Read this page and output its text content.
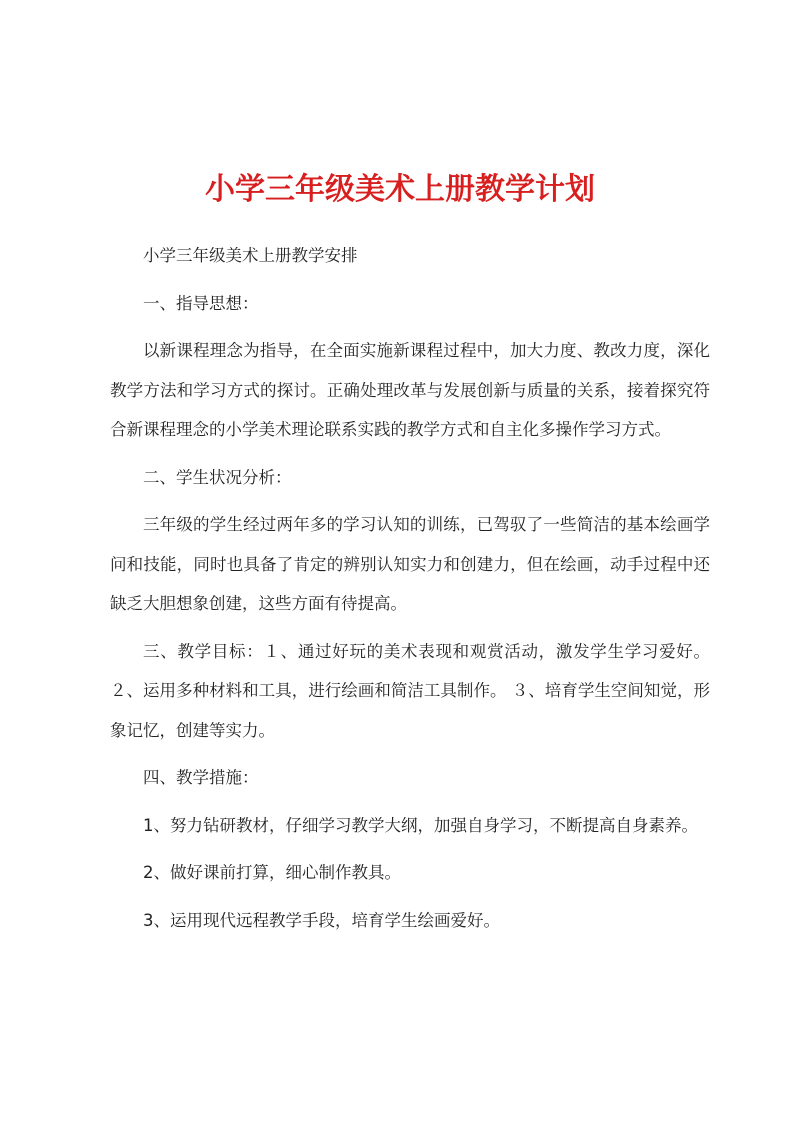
小学三年级美术上册教学计划

小学三年级美术上册教学安排

一、指导思想：

以新课程理念为指导，在全面实施新课程过程中，加大力度、教改力度，深化教学方法和学习方式的探讨。正确处理改革与发展创新与质量的关系，接着探究符合新课程理念的小学美术理论联系实践的教学方式和自主化多操作学习方式。

二、学生状况分析：

三年级的学生经过两年多的学习认知的训练，已驾驭了一些简洁的基本绘画学问和技能，同时也具备了肯定的辨别认知实力和创建力，但在绘画，动手过程中还缺乏大胆想象创建，这些方面有待提高。

三、教学目标：１、通过好玩的美术表现和观赏活动，激发学生学习爱好。 ２、运用多种材料和工具，进行绘画和简洁工具制作。 ３、培育学生空间知觉，形象记忆，创建等实力。

四、教学措施：

1、努力钻研教材，仔细学习教学大纲，加强自身学习，不断提高自身素养。

2、做好课前打算，细心制作教具。

3、运用现代远程教学手段，培育学生绘画爱好。
